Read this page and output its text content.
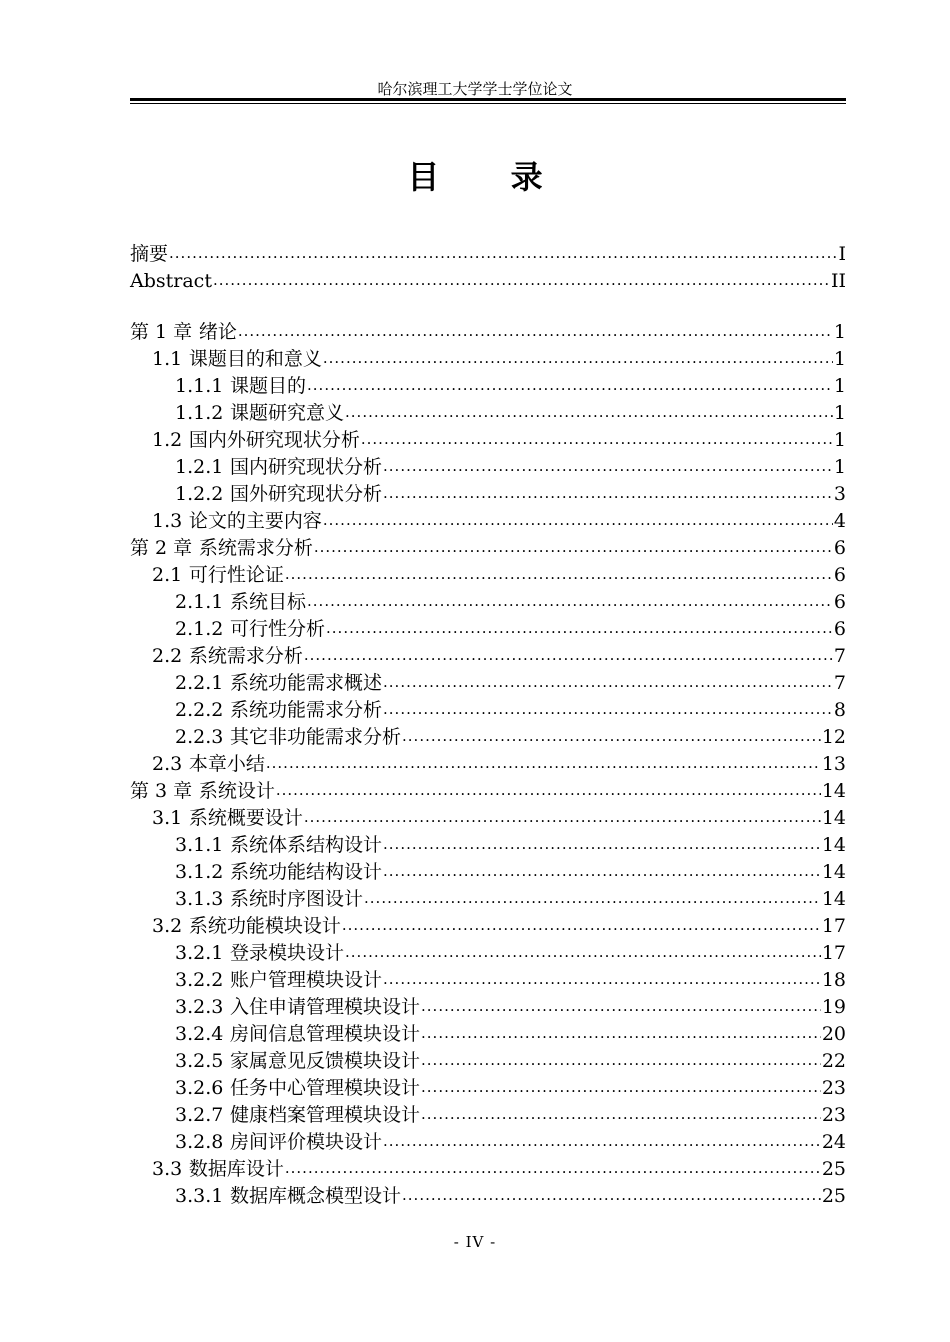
哈尔滨理工大学学士学位论文
目 录
摘要 .....	I
Abstract .....	II
第 1 章 绪论 .....	1
1.1 课题目的和意义 .....	1
1.1.1 课题目的 .....	1
1.1.2 课题研究意义 .....	1
1.2 国内外研究现状分析 .....	1
1.2.1 国内研究现状分析 .....	1
1.2.2 国外研究现状分析 .....	3
1.3 论文的主要内容 .....	4
第 2 章 系统需求分析 .....	6
2.1 可行性论证 .....	6
2.1.1 系统目标 .....	6
2.1.2 可行性分析 .....	6
2.2 系统需求分析 .....	7
2.2.1 系统功能需求概述 .....	7
2.2.2 系统功能需求分析 .....	8
2.2.3 其它非功能需求分析 .....	12
2.3 本章小结 .....	13
第 3 章 系统设计 .....	14
3.1 系统概要设计 .....	14
3.1.1 系统体系结构设计 .....	14
3.1.2 系统功能结构设计 .....	14
3.1.3 系统时序图设计 .....	14
3.2 系统功能模块设计 .....	17
3.2.1 登录模块设计 .....	17
3.2.2 账户管理模块设计 .....	18
3.2.3 入住申请管理模块设计 .....	19
3.2.4 房间信息管理模块设计 .....	20
3.2.5 家属意见反馈模块设计 .....	22
3.2.6 任务中心管理模块设计 .....	23
3.2.7 健康档案管理模块设计 .....	23
3.2.8 房间评价模块设计 .....	24
3.3 数据库设计 .....	25
3.3.1 数据库概念模型设计 .....	25
- IV -
